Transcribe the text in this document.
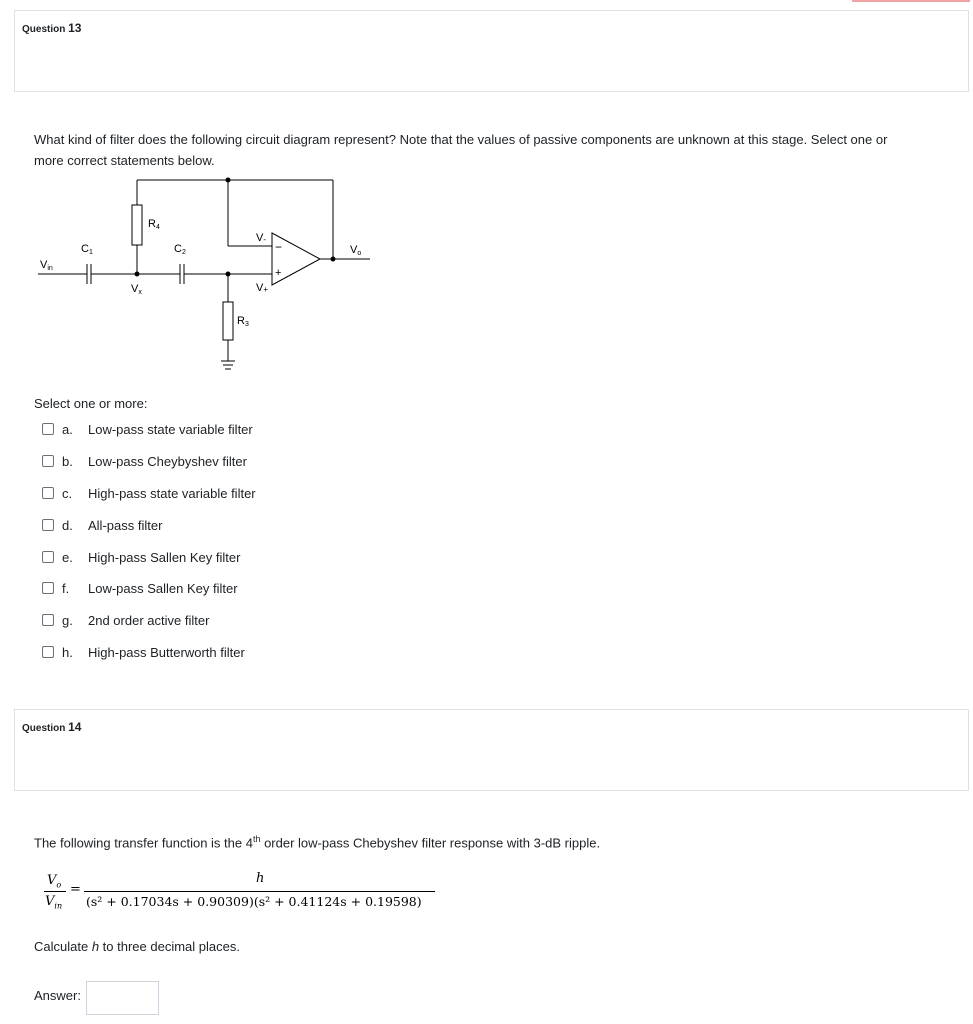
Question 13
What kind of filter does the following circuit diagram represent? Note that the values of passive components are unknown at this stage. Select one or
more correct statements below.
Vin
C1
R4
C2
Vx
V-
V+
Vo
R3
−
+
Select one or more:
a.	Low-pass state variable filter
b.	Low-pass Cheybyshev filter
c.	High-pass state variable filter
d.	All-pass filter
e.	High-pass Sallen Key filter
f.	Low-pass Sallen Key filter
g.	2nd order active filter
h.	High-pass Butterworth filter
Question 14
The following transfer function is the 4th order low-pass Chebyshev filter response with 3-dB ripple.
$V_o$
$V_{in}$
=
h
(s² + 0.17034s + 0.90309)(s² + 0.41124s + 0.19598)
Calculate h to three decimal places.
Answer:
